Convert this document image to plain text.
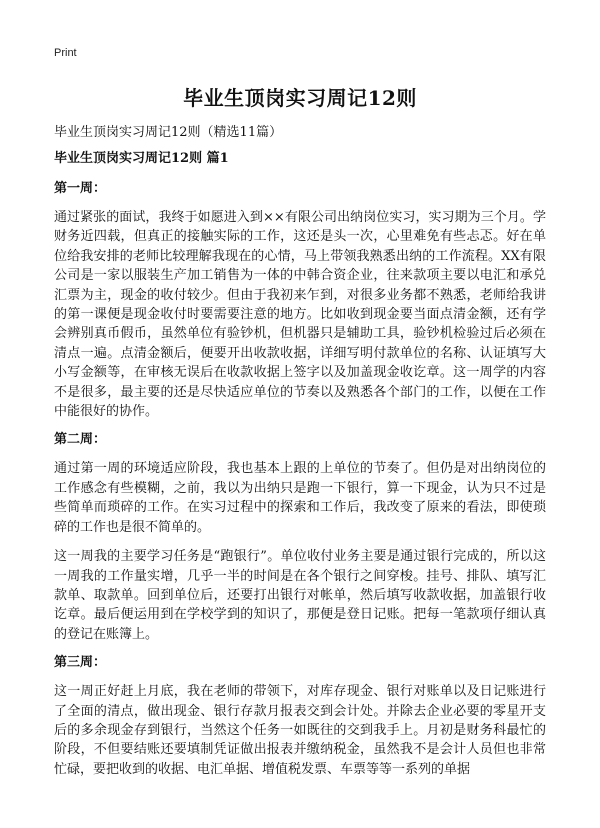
Print
毕业生顶岗实习周记12则

毕业生顶岗实习周记12则（精选11篇）

毕业生顶岗实习周记12则 篇1
第一周：

通过紧张的面试，我终于如愿进入到××有限公司出纳岗位实习，实习期为三个月。学财务近四载，但真正的接触实际的工作，这还是头一次，心里难免有些忐忑。好在单位给我安排的老师比较理解我现在的心情，马上带领我熟悉出纳的工作流程。XX有限公司是一家以服装生产加工销售为一体的中韩合资企业，往来款项主要以电汇和承兑汇票为主，现金的收付较少。但由于我初来乍到，对很多业务都不熟悉，老师给我讲的第一课便是现金收付时要需要注意的地方。比如收到现金要当面点清金额，还有学会辨别真币假币，虽然单位有验钞机，但机器只是辅助工具，验钞机检验过后必须在清点一遍。点清金额后，便要开出收款收据，详细写明付款单位的名称、认证填写大小写金额等，在审核无误后在收款收据上签字以及加盖现金收讫章。这一周学的内容不是很多，最主要的还是尽快适应单位的节奏以及熟悉各个部门的工作，以便在工作中能很好的协作。

第二周：

通过第一周的环境适应阶段，我也基本上跟的上单位的节奏了。但仍是对出纳岗位的工作感念有些模糊，之前，我以为出纳只是跑一下银行，算一下现金，认为只不过是些简单而琐碎的工作。在实习过程中的探索和工作后，我改变了原来的看法，即使琐碎的工作也是很不简单的。

这一周我的主要学习任务是“跑银行”。单位收付业务主要是通过银行完成的，所以这一周我的工作量实增，几乎一半的时间是在各个银行之间穿梭。挂号、排队、填写汇款单、取款单。回到单位后，还要打出银行对帐单，然后填写收款收据，加盖银行收讫章。最后便运用到在学校学到的知识了，那便是登日记账。把每一笔款项仔细认真的登记在账簿上。

第三周：

这一周正好赶上月底，我在老师的带领下，对库存现金、银行对账单以及日记账进行了全面的清点，做出现金、银行存款月报表交到会计处。并除去企业必要的零星开支后的多余现金存到银行，当然这个任务一如既往的交到我手上。月初是财务科最忙的阶段，不但要结账还要填制凭证做出报表并缴纳税金，虽然我不是会计人员但也非常忙碌，要把收到的收据、电汇单据、增值税发票、车票等等一系列的单据
